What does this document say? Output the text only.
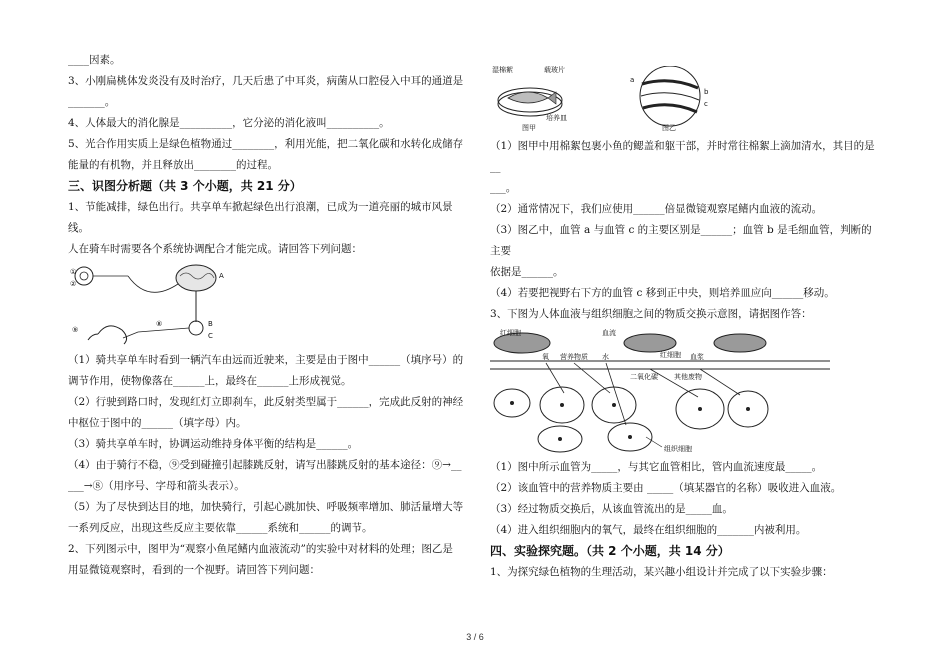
____因素。

3、小刚扁桃体发炎没有及时治疗，几天后患了中耳炎，病菌从口腔侵入中耳的通道是

_______。

4、人体最大的消化腺是__________，它分泌的消化液叫__________。

5、光合作用实质上是绿色植物通过________，利用光能，把二氧化碳和水转化成储存

能量的有机物，并且释放出________的过程。

三、识图分析题（共 3 个小题，共 21 分）

1、节能减排，绿色出行。共享单车掀起绿色出行浪潮，已成为一道亮丽的城市风景线。

人在骑车时需要各个系统协调配合才能完成。请回答下列问题：

A
B
C
①
②
⑨
⑧

（1）骑共享单车时看到一辆汽车由远而近驶来，主要是由于图中______（填序号）的

调节作用，使物像落在______上，最终在______上形成视觉。

（2）行驶到路口时，发现红灯立即刹车，此反射类型属于______，完成此反射的神经

中枢位于图中的______（填字母）内。

（3）骑共享单车时，协调运动维持身体平衡的结构是______。

（4）由于骑行不稳，⑨受到碰撞引起膝跳反射，请写出膝跳反射的基本途径：⑨→__

___→⑧（用序号、字母和箭头表示）。

（5）为了尽快到达目的地，加快骑行，引起心跳加快、呼吸频率增加、肺活量增大等

一系列反应，出现这些反应主要依靠______系统和______的调节。

2、下列图示中，图甲为“观察小鱼尾鳍内血液流动”的实验中对材料的处理；图乙是

用显微镜观察时，看到的一个视野。请回答下列问题：

湿棉絮	载玻片
培养皿
图甲
a
b
c
图乙

（1）图甲中用棉絮包裹小鱼的鳃盖和躯干部，并时常往棉絮上滴加清水，其目的是__

___。

（2）通常情况下，我们应使用______倍显微镜观察尾鳍内血液的流动。

（3）图乙中，血管 a 与血管 c 的主要区别是______；血管 b 是毛细血管，判断的主要

依据是______。

（4）若要把视野右下方的血管 c 移到正中央，则培养皿应向______移动。

3、下图为人体血液与组织细胞之间的物质交换示意图，请据图作答：

红细胞	血流
红细胞 血浆
氧 营养物质 水
二氧化碳 其他废物
组织细胞

（1）图中所示血管为_____，与其它血管相比，管内血流速度最_____。

（2）该血管中的营养物质主要由 _____（填某器官的名称）吸收进入血液。

（3）经过物质交换后，从该血管流出的是_____血。

（4）进入组织细胞内的氧气，最终在组织细胞的_______内被利用。

四、实验探究题。（共 2 个小题，共 14 分）

1、为探究绿色植物的生理活动，某兴趣小组设计并完成了以下实验步骤：

3 / 6
